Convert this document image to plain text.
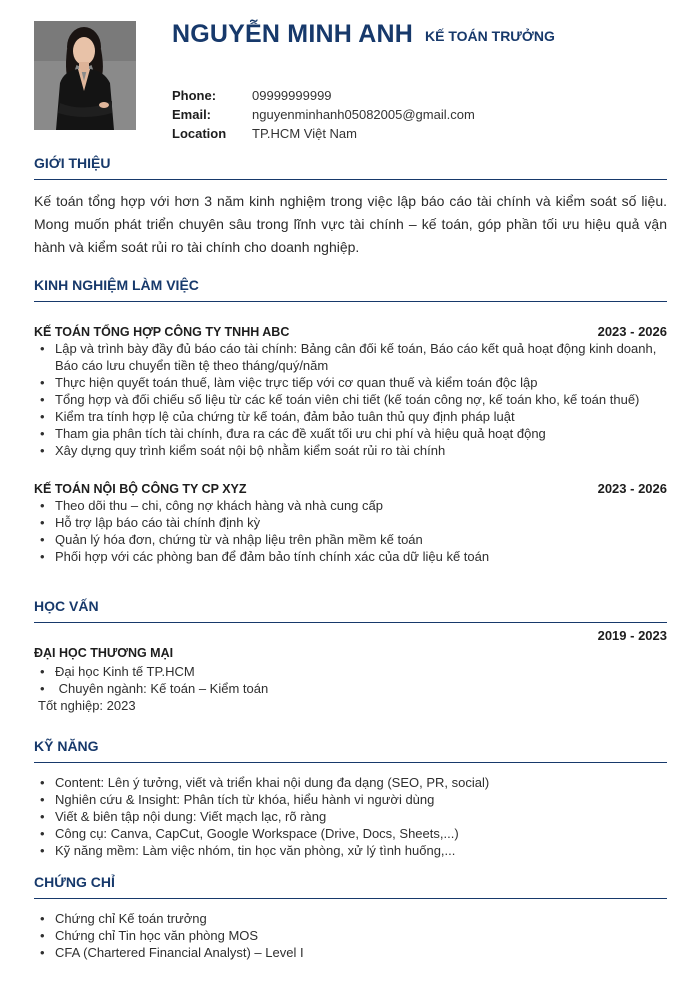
NGUYỄN MINH ANH KẾ TOÁN TRƯỞNG
Phone:	09999999999
Email:	nguyenminhanh05082005@gmail.com
Location	TP.HCM Việt Nam
GIỚI THIỆU
Kế toán tổng hợp với hơn 3 năm kinh nghiệm trong việc lập báo cáo tài chính và kiểm soát số liệu. Mong muốn phát triển chuyên sâu trong lĩnh vực tài chính – kế toán, góp phần tối ưu hiệu quả vận hành và kiểm soát rủi ro tài chính cho doanh nghiệp.
KINH NGHIỆM LÀM VIỆC
KẾ TOÁN TỔNG HỢP CÔNG TY TNHH ABC	2023 - 2026
• Lập và trình bày đầy đủ báo cáo tài chính: Bảng cân đối kế toán, Báo cáo kết quả hoạt động kinh doanh, Báo cáo lưu chuyển tiền tệ theo tháng/quý/năm
• Thực hiện quyết toán thuế, làm việc trực tiếp với cơ quan thuế và kiểm toán độc lập
• Tổng hợp và đối chiếu số liệu từ các kế toán viên chi tiết (kế toán công nợ, kế toán kho, kế toán thuế)
• Kiểm tra tính hợp lệ của chứng từ kế toán, đảm bảo tuân thủ quy định pháp luật
• Tham gia phân tích tài chính, đưa ra các đề xuất tối ưu chi phí và hiệu quả hoạt động
• Xây dựng quy trình kiểm soát nội bộ nhằm kiểm soát rủi ro tài chính
KẾ TOÁN NỘI BỘ CÔNG TY CP XYZ	2023 - 2026
• Theo dõi thu – chi, công nợ khách hàng và nhà cung cấp
• Hỗ trợ lập báo cáo tài chính định kỳ
• Quản lý hóa đơn, chứng từ và nhập liệu trên phần mềm kế toán
• Phối hợp với các phòng ban để đảm bảo tính chính xác của dữ liệu kế toán
HỌC VẤN
2019 - 2023
ĐẠI HỌC THƯƠNG MẠI
• Đại học Kinh tế TP.HCM
•  Chuyên ngành: Kế toán – Kiểm toán
Tốt nghiệp: 2023
KỸ NĂNG
• Content: Lên ý tưởng, viết và triển khai nội dung đa dạng (SEO, PR, social)
• Nghiên cứu & Insight: Phân tích từ khóa, hiểu hành vi người dùng
• Viết & biên tập nội dung: Viết mạch lạc, rõ ràng
• Công cụ: Canva, CapCut, Google Workspace (Drive, Docs, Sheets,...)
• Kỹ năng mềm: Làm việc nhóm, tin học văn phòng, xử lý tình huống,...
CHỨNG CHỈ
• Chứng chỉ Kế toán trưởng
• Chứng chỉ Tin học văn phòng MOS
• CFA (Chartered Financial Analyst) – Level I
